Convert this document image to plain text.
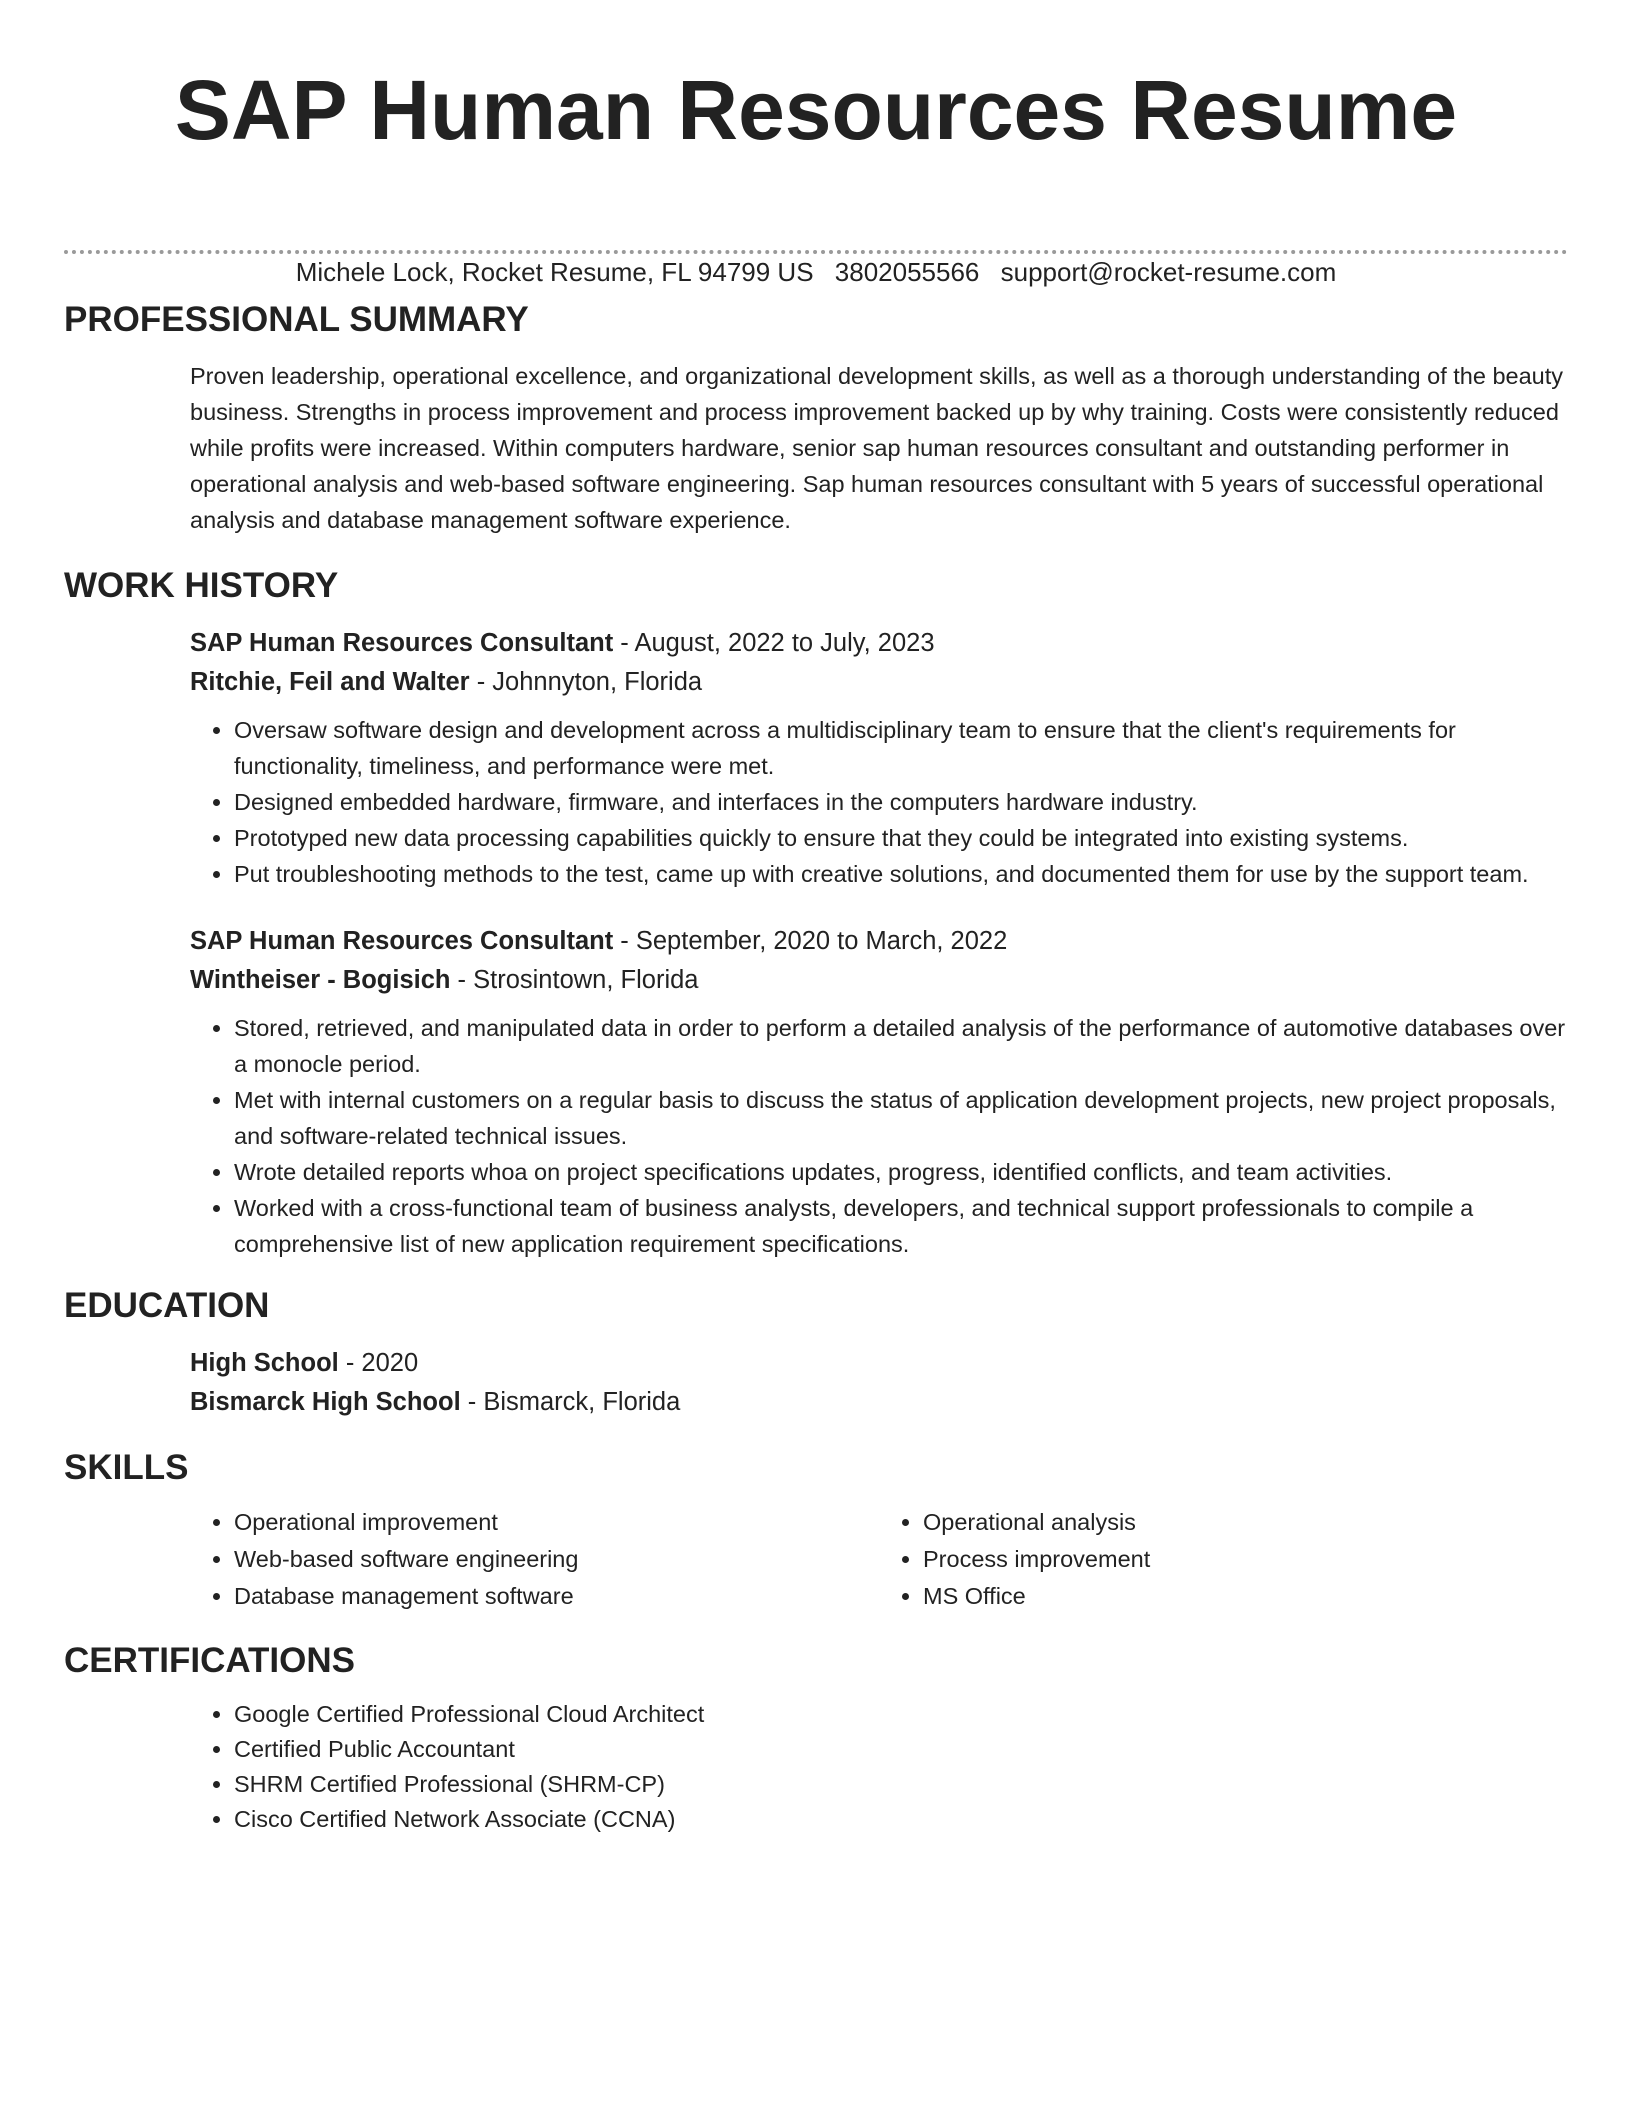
SAP Human Resources Resume
Michele Lock, Rocket Resume, FL 94799 US 3802055566 support@rocket-resume.com
PROFESSIONAL SUMMARY

Proven leadership, operational excellence, and organizational development skills, as well as a thorough understanding of the beauty business. Strengths in process improvement and process improvement backed up by why training. Costs were consistently reduced while profits were increased. Within computers hardware, senior sap human resources consultant and outstanding performer in operational analysis and web-based software engineering. Sap human resources consultant with 5 years of successful operational analysis and database management software experience.

WORK HISTORY

SAP Human Resources Consultant - August, 2022 to July, 2023

Ritchie, Feil and Walter - Johnnyton, Florida

• Oversaw software design and development across a multidisciplinary team to ensure that the client's requirements for functionality, timeliness, and performance were met.
• Designed embedded hardware, firmware, and interfaces in the computers hardware industry.
• Prototyped new data processing capabilities quickly to ensure that they could be integrated into existing systems.
• Put troubleshooting methods to the test, came up with creative solutions, and documented them for use by the support team.

SAP Human Resources Consultant - September, 2020 to March, 2022

Wintheiser - Bogisich - Strosintown, Florida

• Stored, retrieved, and manipulated data in order to perform a detailed analysis of the performance of automotive databases over a monocle period.
• Met with internal customers on a regular basis to discuss the status of application development projects, new project proposals, and software-related technical issues.
• Wrote detailed reports whoa on project specifications updates, progress, identified conflicts, and team activities.
• Worked with a cross-functional team of business analysts, developers, and technical support professionals to compile a comprehensive list of new application requirement specifications.
EDUCATION

High School - 2020

Bismarck High School - Bismarck, Florida

SKILLS
• Operational improvement
• Web-based software engineering
• Database management software
• Operational analysis
• Process improvement
• MS Office
CERTIFICATIONS
• Google Certified Professional Cloud Architect
• Certified Public Accountant
• SHRM Certified Professional (SHRM-CP)
• Cisco Certified Network Associate (CCNA)
